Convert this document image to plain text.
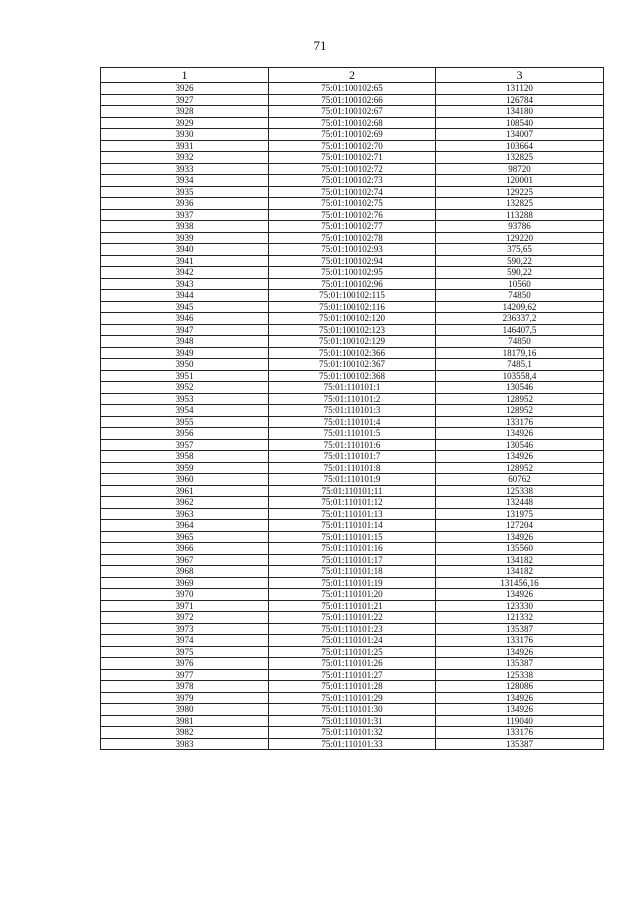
71
1	2	3
3926	75:01:100102:65	131120
3927	75:01:100102:66	126784
3928	75:01:100102:67	134180
3929	75:01:100102:68	108540
3930	75:01:100102:69	134007
3931	75:01:100102:70	103664
3932	75:01:100102:71	132825
3933	75:01:100102:72	98720
3934	75:01:100102:73	120001
3935	75:01:100102:74	129225
3936	75:01:100102:75	132825
3937	75:01:100102:76	113288
3938	75:01:100102:77	93786
3939	75:01:100102:78	129220
3940	75:01:100102:93	375,65
3941	75:01:100102:94	590,22
3942	75:01:100102:95	590,22
3943	75:01:100102:96	10560
3944	75:01:100102:115	74850
3945	75:01:100102:116	14209,62
3946	75:01:100102:120	236337,2
3947	75:01:100102:123	146407,5
3948	75:01:100102:129	74850
3949	75:01:100102:366	18179,16
3950	75:01:100102:367	7485,1
3951	75:01:100102:368	103558,4
3952	75:01:110101:1	130546
3953	75:01:110101:2	128952
3954	75:01:110101:3	128952
3955	75:01:110101:4	133176
3956	75:01:110101:5	134926
3957	75:01:110101:6	130546
3958	75:01:110101:7	134926
3959	75:01:110101:8	128952
3960	75:01:110101:9	60762
3961	75:01:110101:11	125338
3962	75:01:110101:12	132448
3963	75:01:110101:13	131975
3964	75:01:110101:14	127204
3965	75:01:110101:15	134926
3966	75:01:110101:16	135560
3967	75:01:110101:17	134182
3968	75:01:110101:18	134182
3969	75:01:110101:19	131456,16
3970	75:01:110101:20	134926
3971	75:01:110101:21	123330
3972	75:01:110101:22	121332
3973	75:01:110101:23	135387
3974	75:01:110101:24	133176
3975	75:01:110101:25	134926
3976	75:01:110101:26	135387
3977	75:01:110101:27	125338
3978	75:01:110101:28	128086
3979	75:01:110101:29	134926
3980	75:01:110101:30	134926
3981	75:01:110101:31	119040
3982	75:01:110101:32	133176
3983	75:01:110101:33	135387
